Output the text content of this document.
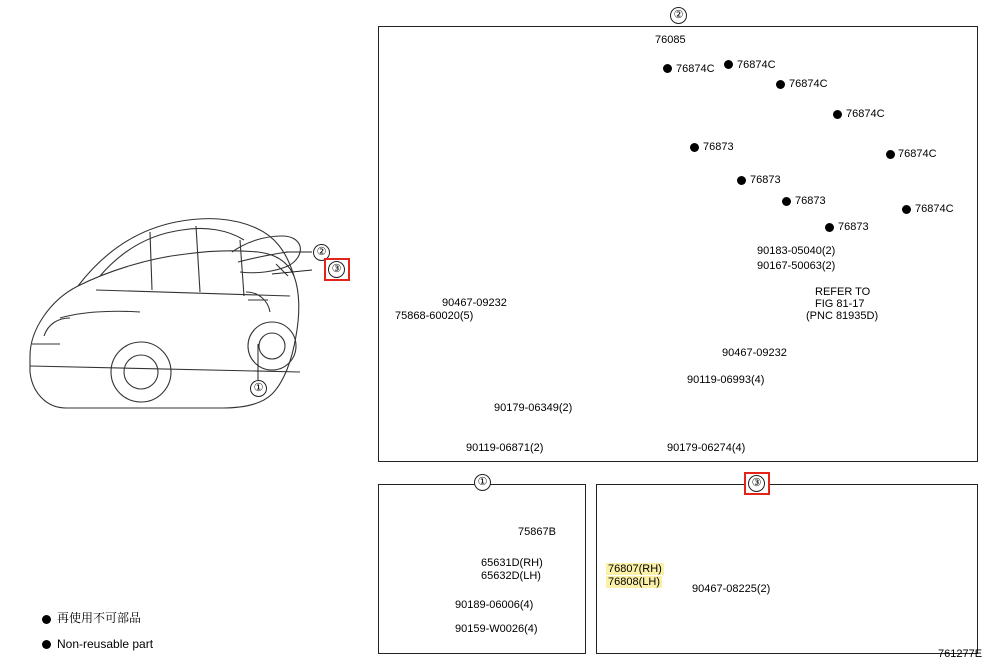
②
①	③
②
③
①
76085
76874C 76874C
76874C
76874C
76874C
76874C
76873
76873
76873
76873
90183-05040(2)
90167-50063(2)
REFER TO
FIG 81-17
(PNC 81935D)
90467-09232
75868-60020(5)
90467-09232
90119-06993(4)
90179-06349(2)
90119-06871(2)	90179-06274(4)
75867B
65631D(RH)
65632D(LH)
90189-06006(4)
90159-W0026(4)
76807(RH)
76808(LH)
90467-08225(2)
再使用不可部品
Non-reusable part
761277E
